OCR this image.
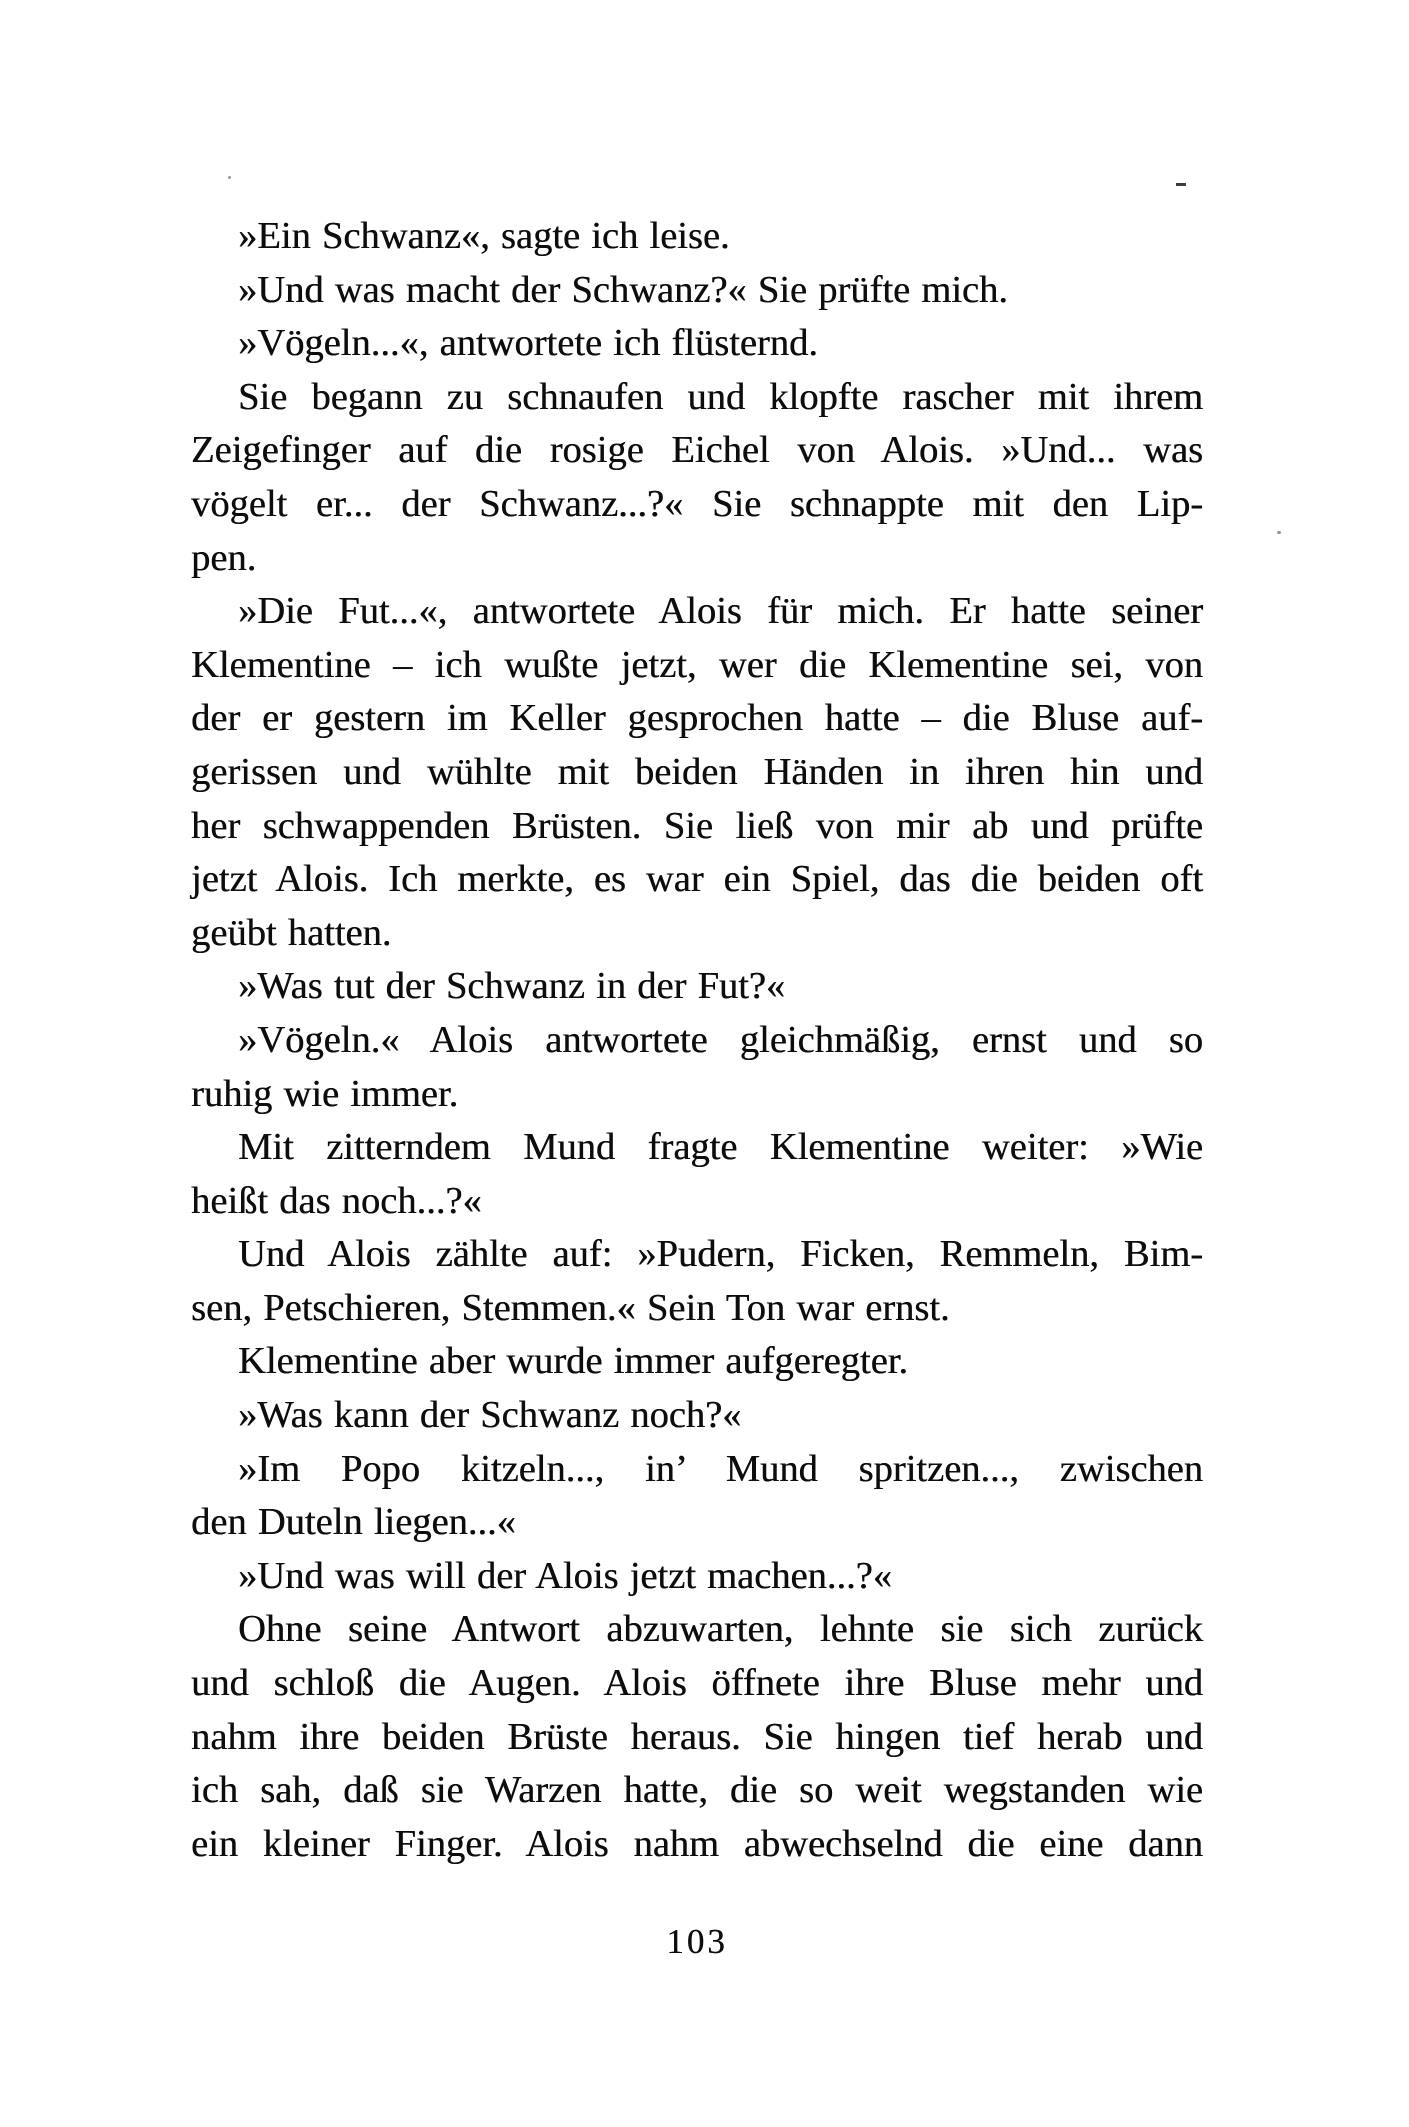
»Ein Schwanz«, sagte ich leise.
»Und was macht der Schwanz?« Sie prüfte mich.
»Vögeln...«, antwortete ich flüsternd.
Sie begann zu schnaufen und klopfte rascher mit ihrem
Zeigefinger auf die rosige Eichel von Alois. »Und... was
vögelt er... der Schwanz...?« Sie schnappte mit den Lip-
pen.
»Die Fut...«, antwortete Alois für mich. Er hatte seiner
Klementine – ich wußte jetzt, wer die Klementine sei, von
der er gestern im Keller gesprochen hatte – die Bluse auf-
gerissen und wühlte mit beiden Händen in ihren hin und
her schwappenden Brüsten. Sie ließ von mir ab und prüfte
jetzt Alois. Ich merkte, es war ein Spiel, das die beiden oft
geübt hatten.
»Was tut der Schwanz in der Fut?«
»Vögeln.« Alois antwortete gleichmäßig, ernst und so
ruhig wie immer.
Mit zitterndem Mund fragte Klementine weiter: »Wie
heißt das noch...?«
Und Alois zählte auf: »Pudern, Ficken, Remmeln, Bim-
sen, Petschieren, Stemmen.« Sein Ton war ernst.
Klementine aber wurde immer aufgeregter.
»Was kann der Schwanz noch?«
»Im Popo kitzeln..., in’ Mund spritzen..., zwischen
den Duteln liegen...«
»Und was will der Alois jetzt machen...?«
Ohne seine Antwort abzuwarten, lehnte sie sich zurück
und schloß die Augen. Alois öffnete ihre Bluse mehr und
nahm ihre beiden Brüste heraus. Sie hingen tief herab und
ich sah, daß sie Warzen hatte, die so weit wegstanden wie
ein kleiner Finger. Alois nahm abwechselnd die eine dann
103
